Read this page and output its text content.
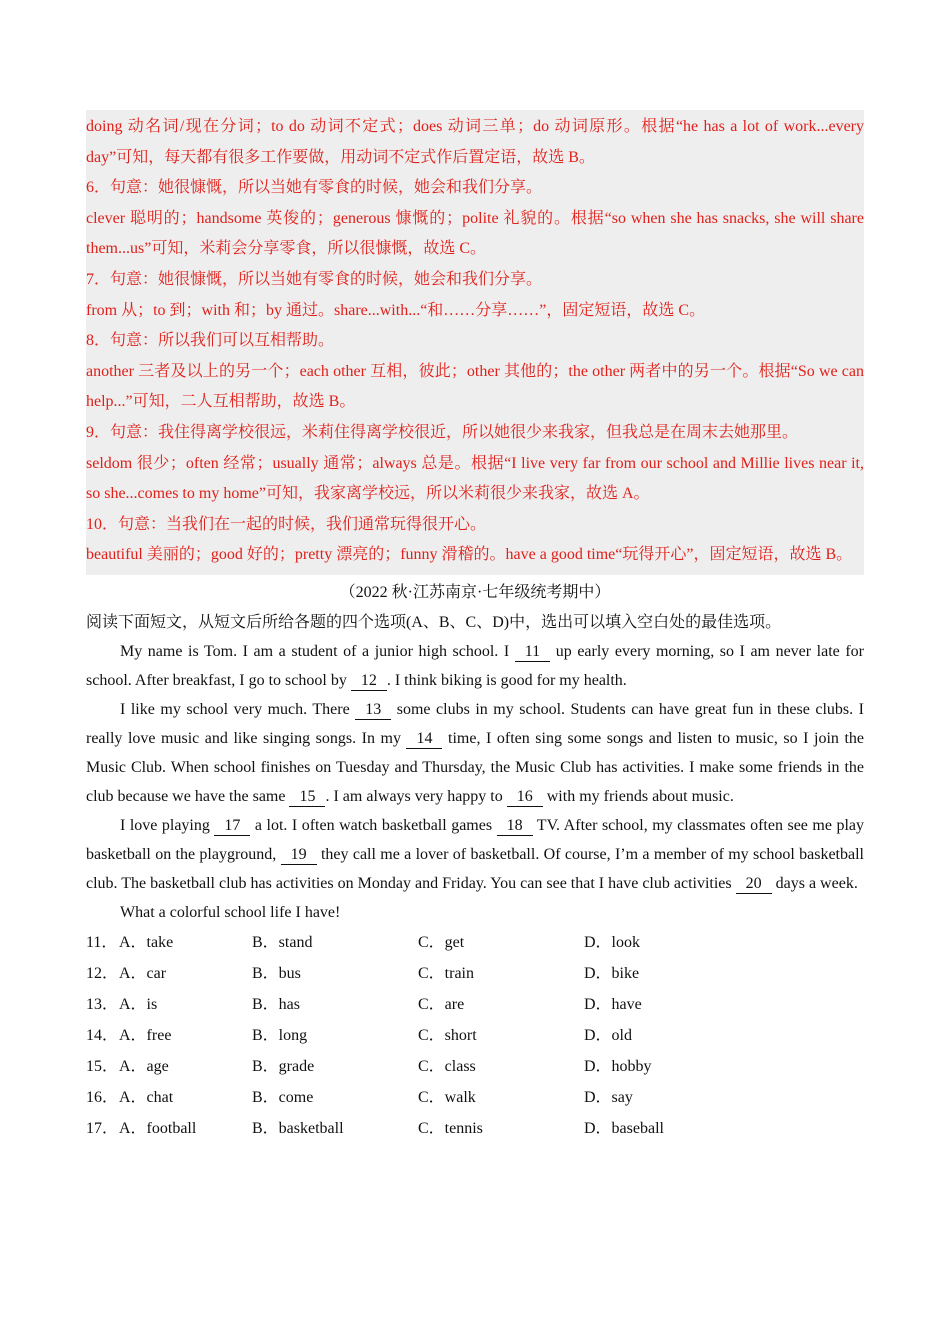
doing 动名词/现在分词；to do 动词不定式；does 动词三单；do 动词原形。根据“he has a lot of work...every day”可知，每天都有很多工作要做，用动词不定式作后置定语，故选 B。

6．句意：她很慷慨，所以当她有零食的时候，她会和我们分享。

clever 聪明的；handsome 英俊的；generous 慷慨的；polite 礼貌的。根据“so when she has snacks, she will share them...us”可知，米莉会分享零食，所以很慷慨，故选 C。

7．句意：她很慷慨，所以当她有零食的时候，她会和我们分享。

from 从；to 到；with 和；by 通过。share...with...“和……分享……”，固定短语，故选 C。

8．句意：所以我们可以互相帮助。

another 三者及以上的另一个；each other 互相，彼此；other 其他的；the other 两者中的另一个。根据“So we can help...”可知，二人互相帮助，故选 B。

9．句意：我住得离学校很远，米莉住得离学校很近，所以她很少来我家，但我总是在周末去她那里。

seldom 很少；often 经常；usually 通常；always 总是。根据“I live very far from our school and Millie lives near it, so she...comes to my home”可知，我家离学校远，所以米莉很少来我家，故选 A。

10．句意：当我们在一起的时候，我们通常玩得很开心。

beautiful 美丽的；good 好的；pretty 漂亮的；funny 滑稽的。have a good time“玩得开心”，固定短语，故选 B。

（2022 秋·江苏南京·七年级统考期中）
阅读下面短文，从短文后所给各题的四个选项(A、B、C、D)中，选出可以填入空白处的最佳选项。

My name is Tom. I am a student of a junior high school. I 11 up early every morning, so I am never late for school. After breakfast, I go to school by 12 . I think biking is good for my health.

I like my school very much. There 13 some clubs in my school. Students can have great fun in these clubs. I really love music and like singing songs. In my 14 time, I often sing some songs and listen to music, so I join the Music Club. When school finishes on Tuesday and Thursday, the Music Club has activities. I make some friends in the club because we have the same 15 . I am always very happy to 16 with my friends about music.

I love playing 17 a lot. I often watch basketball games 18 TV. After school, my classmates often see me play basketball on the playground, 19 they call me a lover of basketball. Of course, I’m a member of my school basketball club. The basketball club has activities on Monday and Friday. You can see that I have club activities 20 days a week.

What a colorful school life I have!

11． A．take	B．stand	C．get	D．look
12． A．car	B．bus	C．train	D．bike
13． A．is	B．has	C．are	D．have
14． A．free	B．long	C．short	D．old
15． A．age	B．grade	C．class	D．hobby
16． A．chat	B．come	C．walk	D．say
17． A．football	B．basketball	C．tennis	D．baseball
